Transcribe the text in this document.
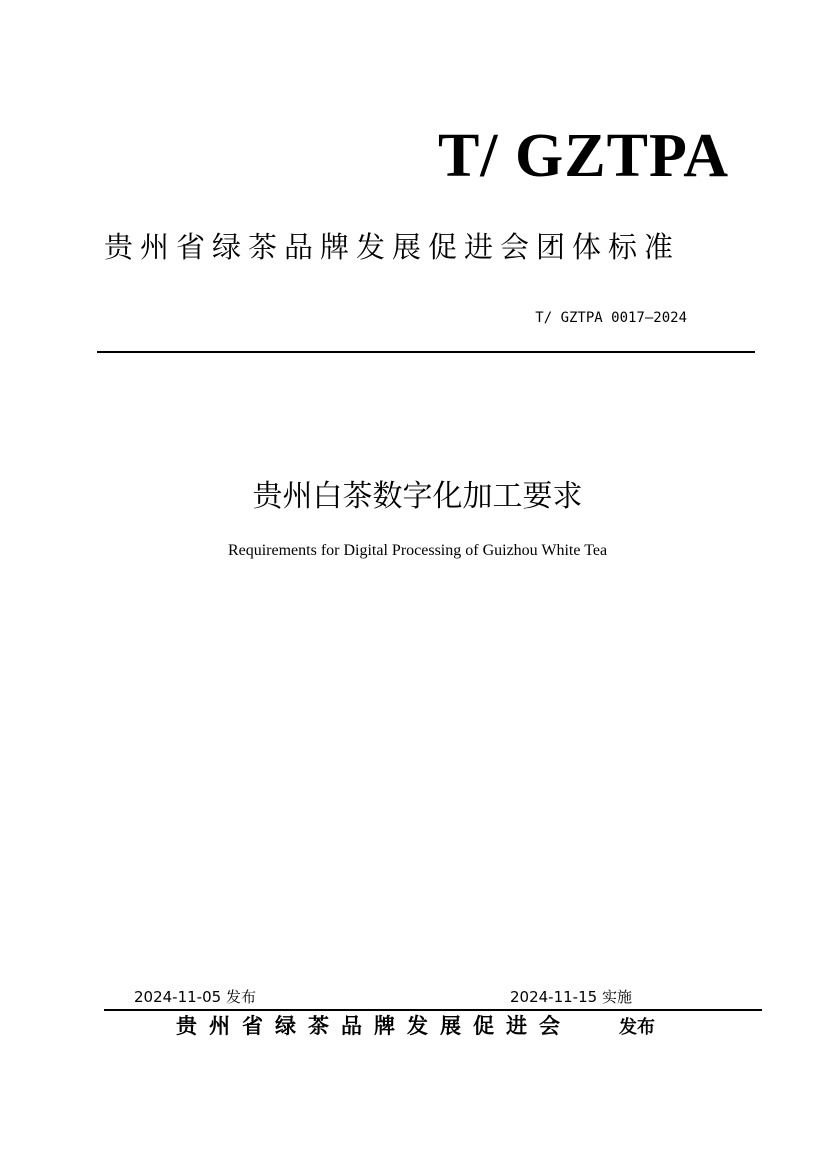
T/ GZTPA
贵州省绿茶品牌发展促进会团体标准
T/ GZTPA 0017—2024
贵州白茶数字化加工要求
Requirements for Digital Processing of Guizhou White Tea
2024-11-05 发布	2024-11-15 实施
贵州省绿茶品牌发展促进会	发布
